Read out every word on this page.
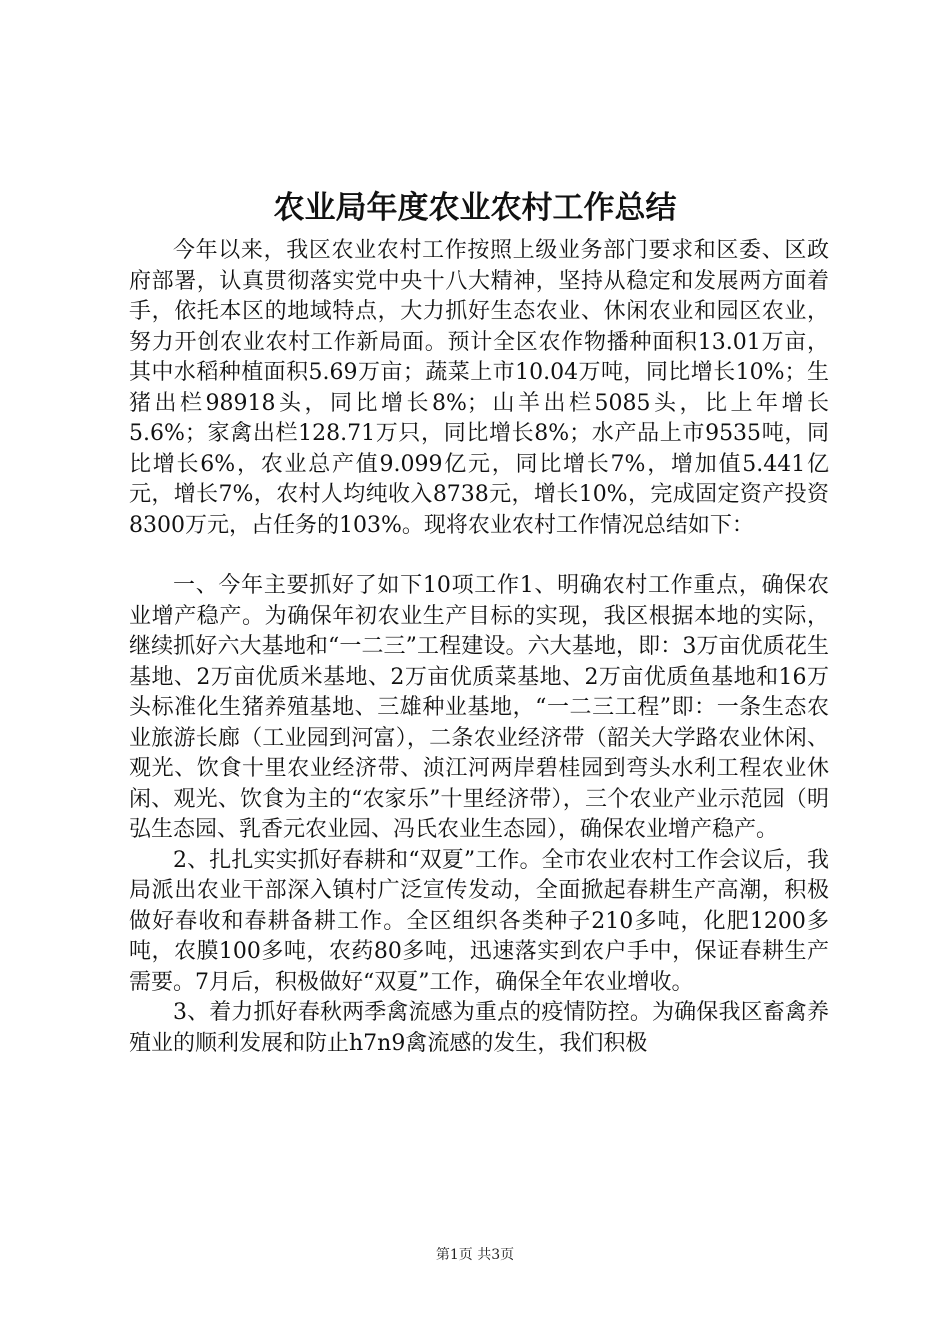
农业局年度农业农村工作总结

今年以来，我区农业农村工作按照上级业务部门要求和区委、区政府部署，认真贯彻落实党中央十八大精神，坚持从稳定和发展两方面着手，依托本区的地域特点，大力抓好生态农业、休闲农业和园区农业，努力开创农业农村工作新局面。预计全区农作物播种面积13.01万亩，其中水稻种植面积5.69万亩；蔬菜上市10.04万吨，同比增长10%；生猪出栏98918头，同比增长8%；山羊出栏5085头，比上年增长5.6%；家禽出栏128.71万只，同比增长8%；水产品上市9535吨，同比增长6%，农业总产值9.099亿元，同比增长7%，增加值5.441亿元，增长7%，农村人均纯收入8738元，增长10%，完成固定资产投资8300万元，占任务的103%。现将农业农村工作情况总结如下：

一、今年主要抓好了如下10项工作1、明确农村工作重点，确保农业增产稳产。为确保年初农业生产目标的实现，我区根据本地的实际，继续抓好六大基地和“一二三”工程建设。六大基地，即：3万亩优质花生基地、2万亩优质米基地、2万亩优质菜基地、2万亩优质鱼基地和16万头标准化生猪养殖基地、三雄种业基地，“一二三工程”即：一条生态农业旅游长廊（工业园到河富），二条农业经济带（韶关大学路农业休闲、观光、饮食十里农业经济带、浈江河两岸碧桂园到弯头水利工程农业休闲、观光、饮食为主的“农家乐”十里经济带），三个农业产业示范园（明弘生态园、乳香元农业园、冯氏农业生态园），确保农业增产稳产。

2、扎扎实实抓好春耕和“双夏”工作。全市农业农村工作会议后，我局派出农业干部深入镇村广泛宣传发动，全面掀起春耕生产高潮，积极做好春收和春耕备耕工作。全区组织各类种子210多吨，化肥1200多吨，农膜100多吨，农药80多吨，迅速落实到农户手中，保证春耕生产需要。7月后，积极做好“双夏”工作，确保全年农业增收。

3、着力抓好春秋两季禽流感为重点的疫情防控。为确保我区畜禽养殖业的顺利发展和防止h7n9禽流感的发生，我们积极

第1页 共3页
